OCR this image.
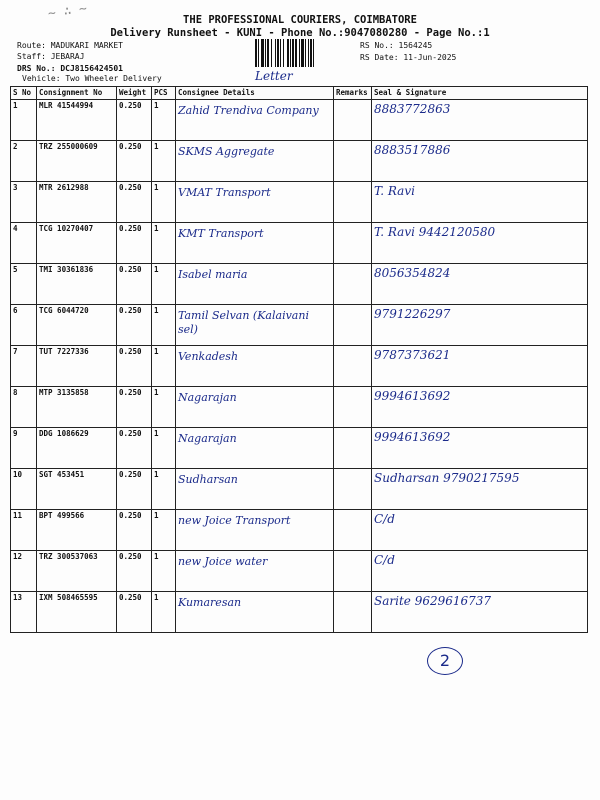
~ ∴ ~	THE PROFESSIONAL COURIERS, COIMBATORE
Delivery Runsheet - KUNI - Phone No.:9047080280 - Page No.:1
Route: MADUKARI MARKET
Staff: JEBARAJ
DRS No.: DCJ8156424501
Vehicle: Two Wheeler Delivery
RS No.: 1564245
RS Date: 11-Jun-2025
Letter
S No	Consignment No	Weight	PCS	Consignee Details	Remarks	Seal & Signature
1	MLR 41544994	0.250	1	Zahid Trendiva Company		8883772863
2	TRZ 255000609	0.250	1	SKMS Aggregate		8883517886
3	MTR 2612988	0.250	1	VMAT Transport		T. Ravi
4	TCG 10270407	0.250	1	KMT Transport		T. Ravi 9442120580
5	TMI 30361836	0.250	1	Isabel maria		8056354824
6	TCG 6044720	0.250	1	Tamil Selvan (Kalaivani sel)		9791226297
7	TUT 7227336	0.250	1	Venkadesh		9787373621
8	MTP 3135858	0.250	1	Nagarajan		9994613692
9	DDG 1086629	0.250	1	Nagarajan		9994613692
10	SGT 453451	0.250	1	Sudharsan		Sudharsan 9790217595
11	BPT 499566	0.250	1	new Joice Transport		C/d
12	TRZ 300537063	0.250	1	new Joice water		C/d
13	IXM 508465595	0.250	1	Kumaresan		Sarite 9629616737
2
